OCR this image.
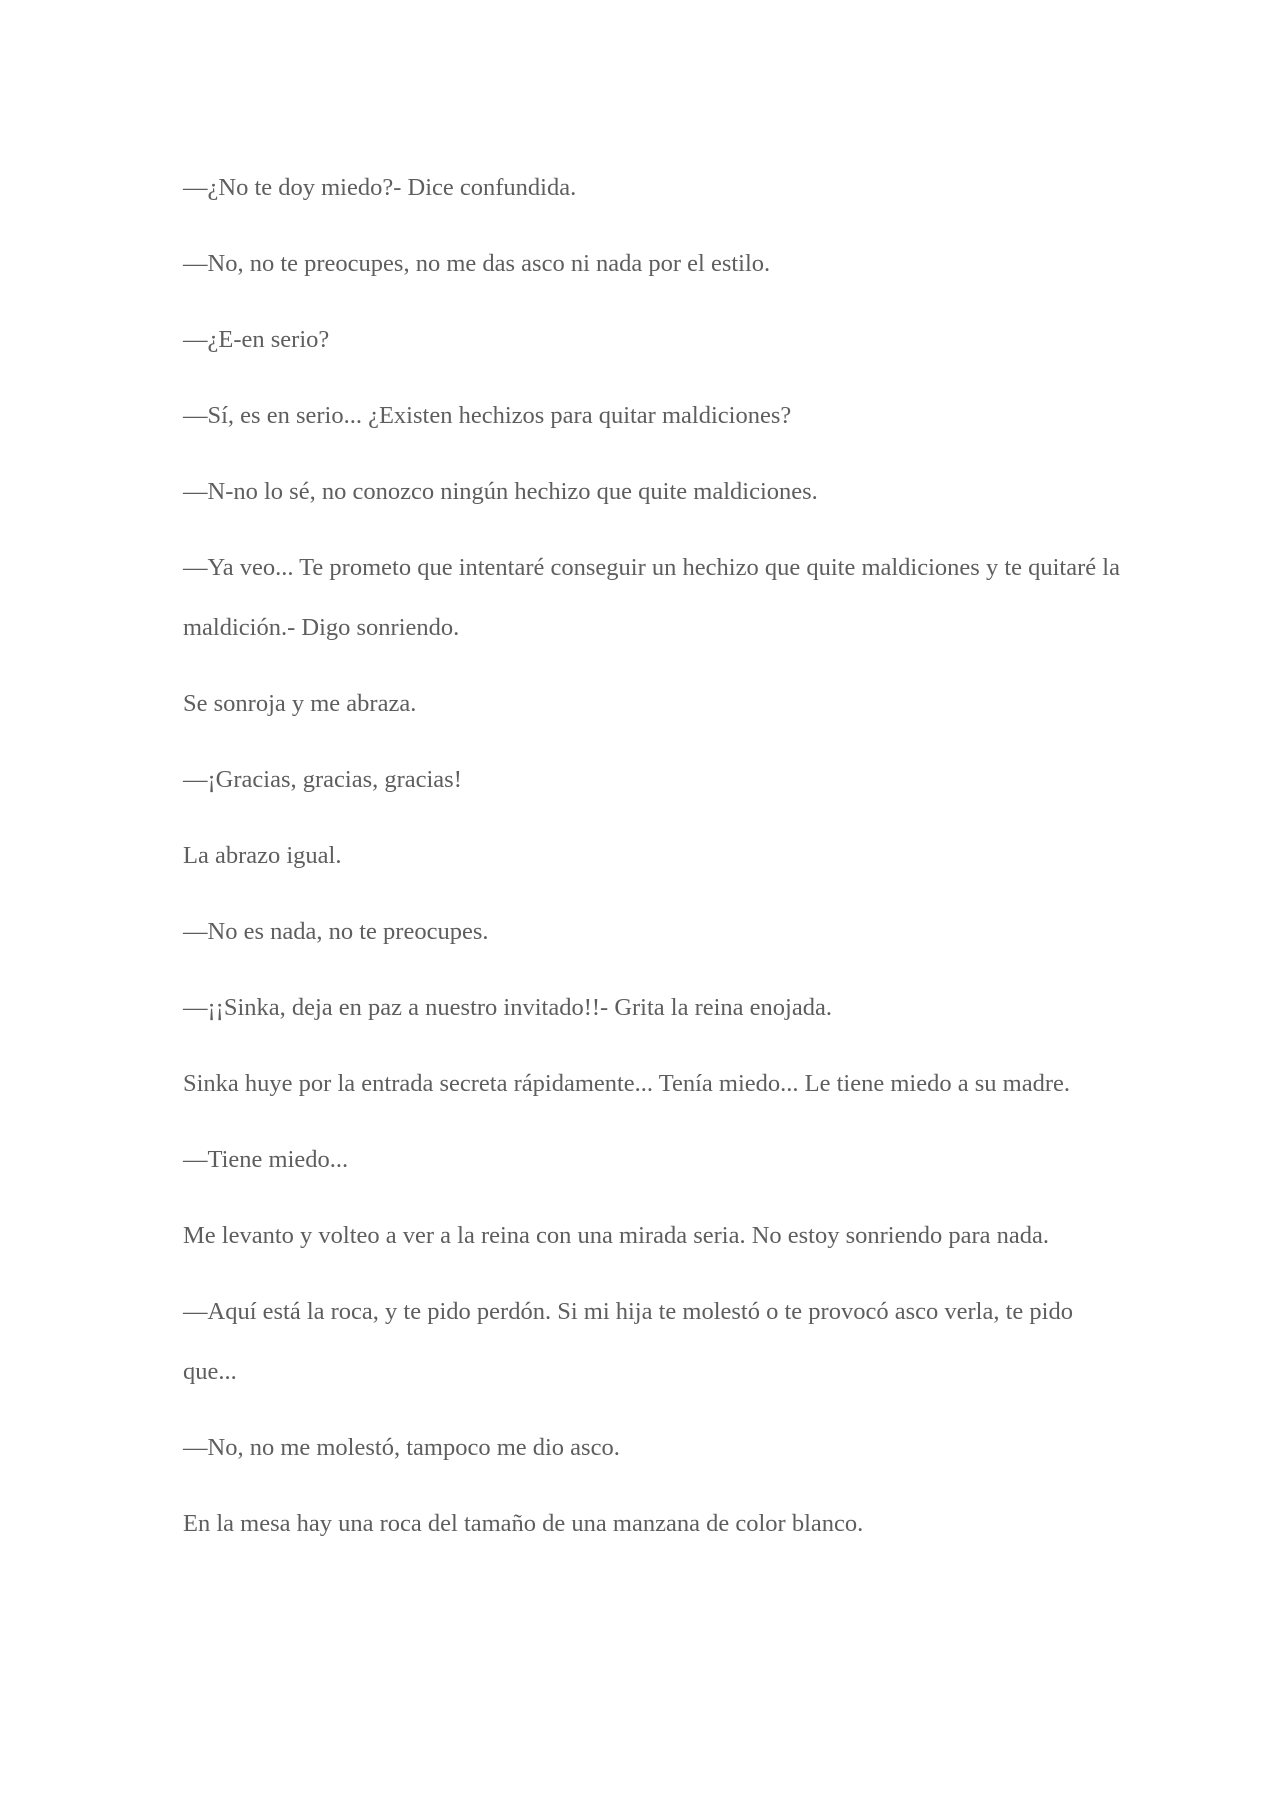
—¿No te doy miedo?- Dice confundida.

—No, no te preocupes, no me das asco ni nada por el estilo.

—¿E-en serio?

—Sí, es en serio... ¿Existen hechizos para quitar maldiciones?

—N-no lo sé, no conozco ningún hechizo que quite maldiciones.

—Ya veo... Te prometo que intentaré conseguir un hechizo que quite maldiciones y te quitaré la maldición.- Digo sonriendo.

Se sonroja y me abraza.

—¡Gracias, gracias, gracias!

La abrazo igual.

—No es nada, no te preocupes.

—¡¡Sinka, deja en paz a nuestro invitado!!- Grita la reina enojada.

Sinka huye por la entrada secreta rápidamente... Tenía miedo... Le tiene miedo a su madre.

—Tiene miedo...

Me levanto y volteo a ver a la reina con una mirada seria. No estoy sonriendo para nada.

—Aquí está la roca, y te pido perdón. Si mi hija te molestó o te provocó asco verla, te pido que...

—No, no me molestó, tampoco me dio asco.

En la mesa hay una roca del tamaño de una manzana de color blanco.
